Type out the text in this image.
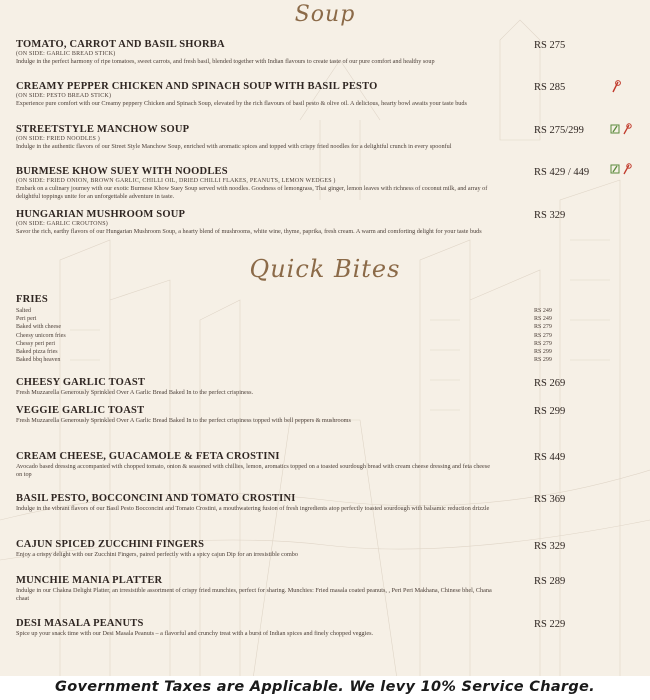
Soup
TOMATO, CARROT AND BASIL SHORBA
(ON SIDE: GARLIC BREAD STICK)
Indulge in the perfect harmony of ripe tomatoes, sweet carrots, and fresh basil, blended together with Indian flavours to create taste of our pure comfort and healthy soup
RS 275
CREAMY PEPPER CHICKEN AND SPINACH SOUP WITH BASIL PESTO
(ON SIDE: PESTO BREAD STICK)
Experience pure comfort with our Creamy peppery Chicken and Spinach Soup, elevated by the rich flavours of basil pesto & olive oil. A delicious, hearty bowl awaits your taste buds
RS 285
STREETSTYLE MANCHOW SOUP
(ON SIDE: FRIED NOODLES )
Indulge in the authentic flavors of our Street Style Manchow Soup, enriched with aromatic spices and topped with crispy fried noodles for a delightful crunch in every spoonful
RS 275/299
BURMESE KHOW SUEY WITH NOODLES
(ON SIDE: FRIED ONION, BROWN GARLIC, CHILLI OIL, DRIED CHILLI FLAKES, PEANUTS, LEMON WEDGES )
Embark on a culinary journey with our exotic Burmese Khow Suey Soup served with noodles. Goodness of lemongrass, Thai ginger, lemon leaves with richness of coconut milk, and array of delightful toppings unite for an unforgettable adventure in taste.
RS 429 / 449
HUNGARIAN MUSHROOM SOUP
(ON SIDE: GARLIC CROUTONS)
Savor the rich, earthy flavors of our Hungarian Mushroom Soup, a hearty blend of mushrooms, white wine, thyme, paprika, fresh cream. A warm and comforting delight for your taste buds
RS 329
Quick Bites
FRIES
Salted
Peri peri
Baked with cheese
Cheesy unicorn fries
Chessy peri peri
Baked pizza fries
Baked bbq heaven
RS 249
RS 249
RS 279
RS 279
RS 279
RS 299
RS 299
CHEESY GARLIC TOAST
Fresh Muzzarella Generously Sprinkled Over A Garlic Bread Baked In to the perfect crispiness.
RS 269
VEGGIE GARLIC TOAST
Fresh Muzzarella Generously Sprinkled Over A Garlic Bread Baked In to the perfect crispiness topped with bell peppers & mushrooms
RS 299
CREAM CHEESE, GUACAMOLE & FETA CROSTINI
Avocado based dressing accompanied with chopped tomato, onion & seasoned with chillies, lemon, aromatics topped on a toasted sourdough bread with cream cheese dressing and feta cheese on top
RS 449
BASIL PESTO, BOCCONCINI AND TOMATO CROSTINI
Indulge in the vibrant flavors of our Basil Pesto Bocconcini and Tomato Crostini, a mouthwatering fusion of fresh ingredients atop perfectly toasted sourdough with balsamic reduction drizzle
RS 369
CAJUN SPICED ZUCCHINI FINGERS
Enjoy a crispy delight with our Zucchini Fingers, paired perfectly with a spicy cajun Dip for an irresistible combo
RS 329
MUNCHIE MANIA PLATTER
Indulge in our Chakna Delight Platter, an irresistible assortment of crispy fried munchies, perfect for sharing. Munchies: Fried masala coated peanuts, , Peri Peri Makhana, Chinese bhel, Chana chaat
RS 289
DESI MASALA PEANUTS
Spice up your snack time with our Desi Masala Peanuts – a flavorful and crunchy treat with a burst of Indian spices and finely chopped veggies.
RS 229
Government Taxes are Applicable. We levy 10% Service Charge.
